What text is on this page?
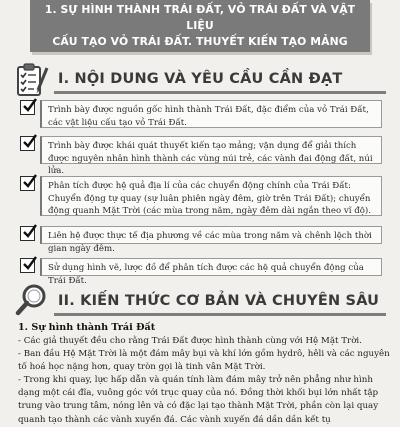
1. SỰ HÌNH THÀNH TRÁI ĐẤT, VỎ TRÁI ĐẤT VÀ VẬT LIỆU
CẤU TẠO VỎ TRÁI ĐẤT. THUYẾT KIẾN TẠO MẢNG
I. NỘI DUNG VÀ YÊU CẦU CẦN ĐẠT
Trình bày được nguồn gốc hình thành Trái Đất, đặc điểm của vỏ Trái Đất, các vật liệu cấu tạo vỏ Trái Đất.
Trình bày được khái quát thuyết kiến tạo mảng; vận dụng để giải thích được nguyên nhân hình thành các vùng núi trẻ, các vành đai động đất, núi lửa.
Phân tích được hệ quả địa lí của các chuyển động chính của Trái Đất: Chuyển động tự quay (sự luân phiên ngày đêm, giờ trên Trái Đất); chuyển động quanh Mặt Trời (các mùa trong năm, ngày đêm dài ngắn theo vĩ độ).
Liên hệ được thực tế địa phương về các mùa trong năm và chênh lệch thời gian ngày đêm.
Sử dụng hình vẽ, lược đồ để phân tích được các hệ quả chuyển động của Trái Đất.
II. KIẾN THỨC CƠ BẢN VÀ CHUYÊN SÂU
1. Sự hình thành Trái Đất
- Các giả thuyết đều cho rằng Trái Đất được hình thành cùng với Hệ Mặt Trời.
- Ban đầu Hệ Mặt Trời là một đám mây bụi và khí lớn gồm hydrô, hêli và các nguyên tố hoá học nặng hơn, quay tròn gọi là tinh vân Mặt Trời.
- Trong khi quay, lực hấp dẫn và quán tính làm đám mây trở nên phẳng như hình dạng một cái đĩa, vuông góc với trục quay của nó. Đồng thời khối bụi lớn nhất tập trung vào trung tâm, nóng lên và có đặc lại tạo thành Mặt Trời, phần còn lại quay quanh tạo thành các vành xuyến đá. Các vành xuyến đá dần dần kết tụ
